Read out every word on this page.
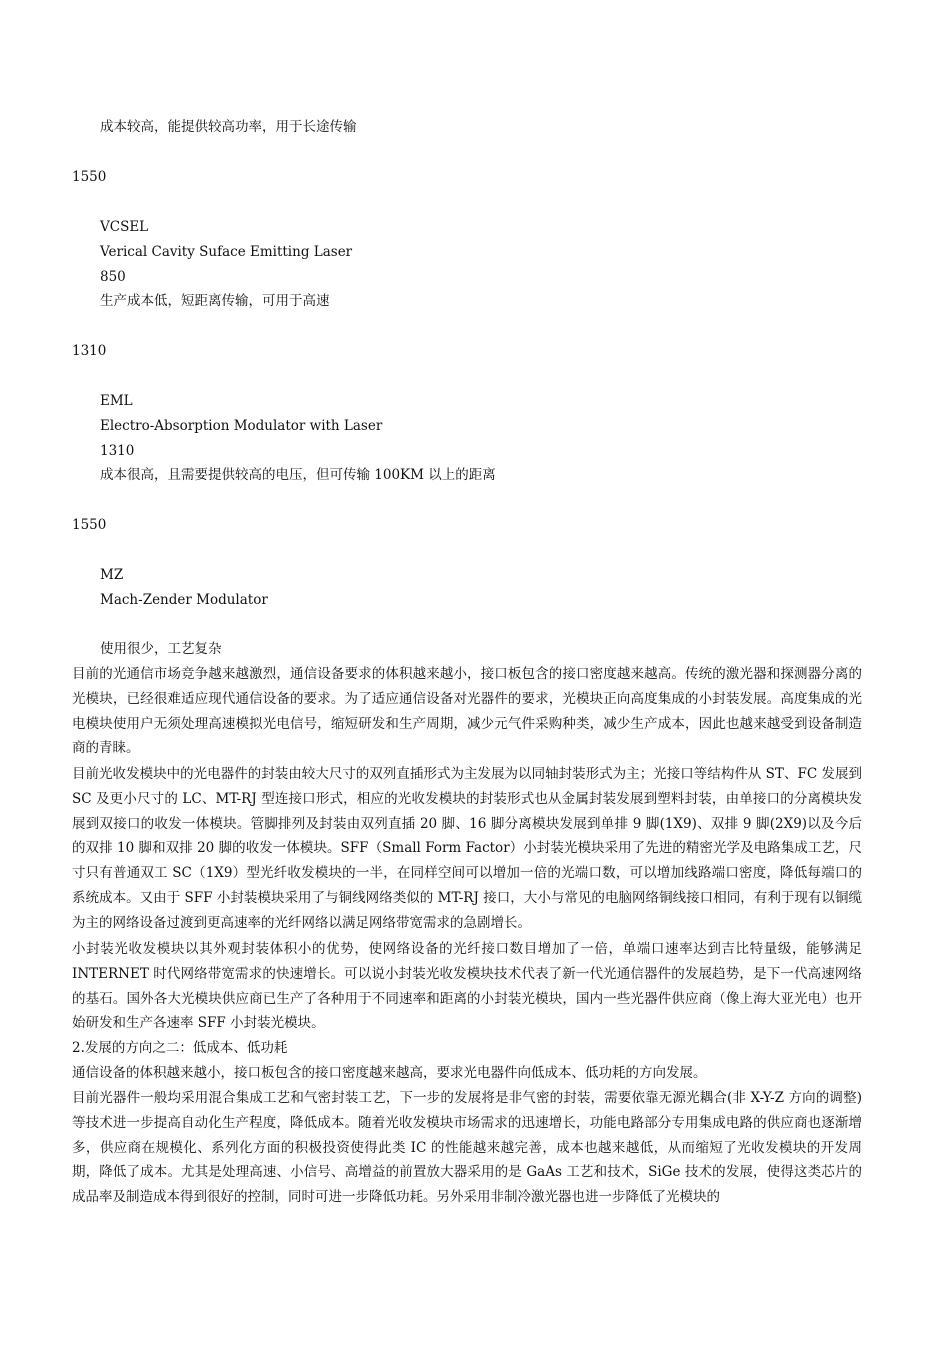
成本较高，能提供较高功率，用于长途传输
1550
VCSEL
Verical Cavity Suface Emitting Laser
850
生产成本低，短距离传输，可用于高速
1310
EML
Electro-Absorption Modulator with Laser
1310
成本很高，且需要提供较高的电压，但可传输 100KM 以上的距离
1550
MZ
Mach-Zender Modulator
使用很少，工艺复杂

目前的光通信市场竞争越来越激烈，通信设备要求的体积越来越小，接口板包含的接口密度越来越高。传统的激光器和探测器分离的光模块，已经很难适应现代通信设备的要求。为了适应通信设备对光器件的要求，光模块正向高度集成的小封装发展。高度集成的光电模块使用户无须处理高速模拟光电信号，缩短研发和生产周期，减少元气件采购种类，减少生产成本，因此也越来越受到设备制造商的青睐。

目前光收发模块中的光电器件的封装由较大尺寸的双列直插形式为主发展为以同轴封装形式为主；光接口等结构件从 ST、FC 发展到 SC 及更小尺寸的 LC、MT-RJ 型连接口形式，相应的光收发模块的封装形式也从金属封装发展到塑料封装，由单接口的分离模块发展到双接口的收发一体模块。管脚排列及封装由双列直插 20 脚、16 脚分离模块发展到单排 9 脚(1X9)、双排 9 脚(2X9)以及今后的双排 10 脚和双排 20 脚的收发一体模块。SFF（Small Form Factor）小封装光模块采用了先进的精密光学及电路集成工艺，尺寸只有普通双工 SC（1X9）型光纤收发模块的一半，在同样空间可以增加一倍的光端口数，可以增加线路端口密度，降低每端口的系统成本。又由于 SFF 小封装模块采用了与铜线网络类似的 MT-RJ 接口，大小与常见的电脑网络铜线接口相同，有利于现有以铜缆为主的网络设备过渡到更高速率的光纤网络以满足网络带宽需求的急剧增长。

小封装光收发模块以其外观封装体积小的优势，使网络设备的光纤接口数目增加了一倍，单端口速率达到吉比特量级，能够满足 INTERNET 时代网络带宽需求的快速增长。可以说小封装光收发模块技术代表了新一代光通信器件的发展趋势，是下一代高速网络的基石。国外各大光模块供应商已生产了各种用于不同速率和距离的小封装光模块，国内一些光器件供应商（像上海大亚光电）也开始研发和生产各速率 SFF 小封装光模块。

2.发展的方向之二：低成本、低功耗

通信设备的体积越来越小，接口板包含的接口密度越来越高，要求光电器件向低成本、低功耗的方向发展。

目前光器件一般均采用混合集成工艺和气密封装工艺，下一步的发展将是非气密的封装，需要依靠无源光耦合(非 X-Y-Z 方向的调整)等技术进一步提高自动化生产程度，降低成本。随着光收发模块市场需求的迅速增长，功能电路部分专用集成电路的供应商也逐渐增多，供应商在规模化、系列化方面的积极投资使得此类 IC 的性能越来越完善，成本也越来越低，从而缩短了光收发模块的开发周期，降低了成本。尤其是处理高速、小信号、高增益的前置放大器采用的是 GaAs 工艺和技术，SiGe 技术的发展，使得这类芯片的成品率及制造成本得到很好的控制，同时可进一步降低功耗。另外采用非制冷激光器也进一步降低了光模块的
